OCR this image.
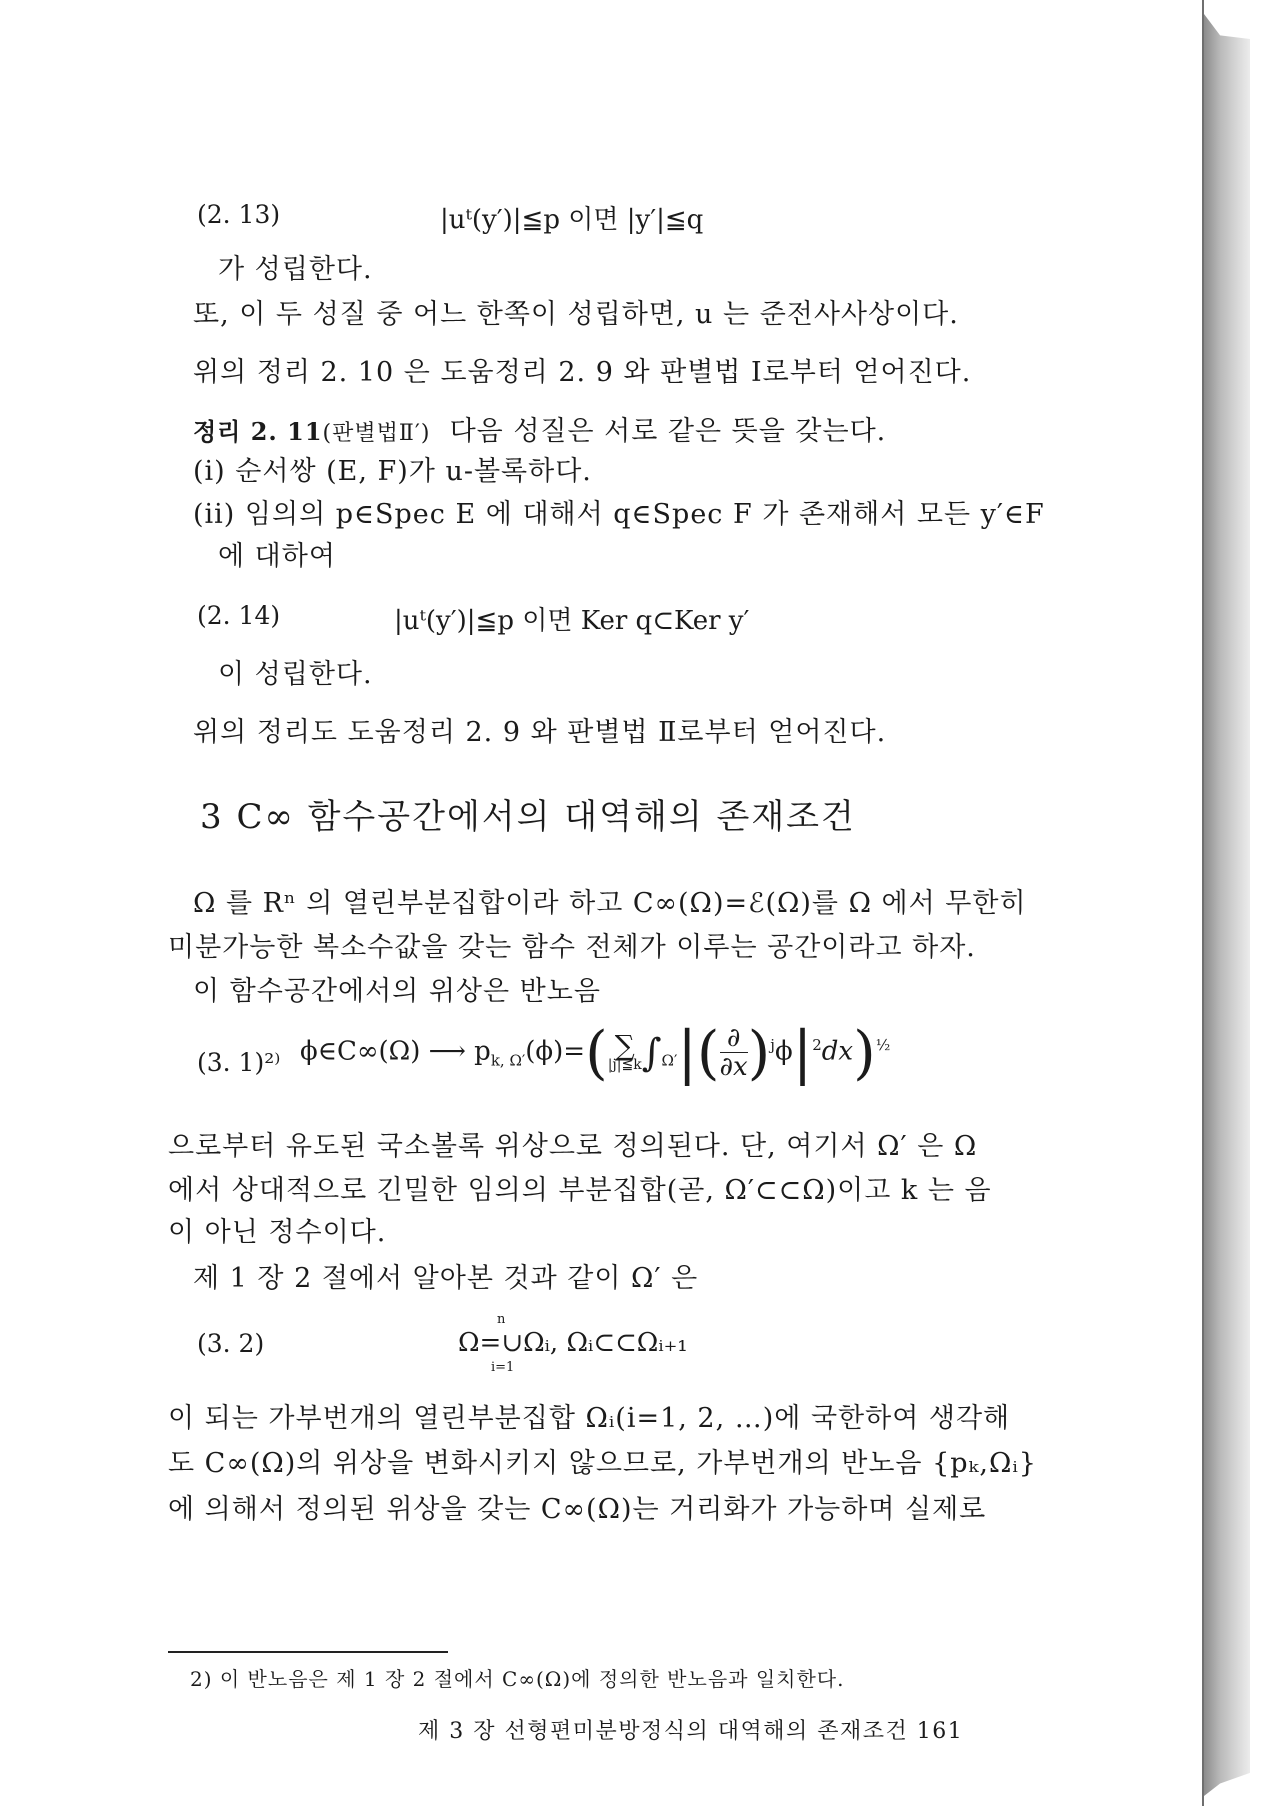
(2. 13)	|uᵗ(y′)|≦p 이면 |y′|≦q
가 성립한다.
또, 이 두 성질 중 어느 한쪽이 성립하면, u 는 준전사사상이다.
위의 정리 2. 10 은 도움정리 2. 9 와 판별법 Ⅰ로부터 얻어진다.
정리 2. 11(판별법Ⅱ′) 다음 성질은 서로 같은 뜻을 갖는다.
(i) 순서쌍 (E, F)가 u-볼록하다.
(ii) 임의의 p∈Spec E 에 대해서 q∈Spec F 가 존재해서 모든 y′∈F
에 대하여
(2. 14)	|uᵗ(y′)|≦p 이면 Ker q⊂Ker y′
이 성립한다.
위의 정리도 도움정리 2. 9 와 판별법 Ⅱ로부터 얻어진다.
3 C∞ 함수공간에서의 대역해의 존재조건
Ω 를 Rⁿ 의 열린부분집합이라 하고 C∞(Ω)=ℰ(Ω)를 Ω 에서 무한히
미분가능한 복소수값을 갖는 함수 전체가 이루는 공간이라고 하자.
이 함수공간에서의 위상은 반노음
(3. 1)²⁾ ϕ∈C∞(Ω) ⟶ $p_{k, \Omega'}(\phi)=$( ∑
|j|≦k $\int_{\Omega'}|( \frac{\partial}{\partial x} )^j\phi|^2dx)^{\frac{1}{2}}$
으로부터 유도된 국소볼록 위상으로 정의된다. 단, 여기서 Ω′ 은 Ω
에서 상대적으로 긴밀한 임의의 부분집합(곧, Ω′⊂⊂Ω)이고 k 는 음
이 아닌 정수이다.
제 1 장 2 절에서 알아본 것과 같이 Ω′ 은
(3. 2)	Ω=∪Ωᵢ, Ωᵢ⊂⊂Ωᵢ₊₁
n
i=1
이 되는 가부번개의 열린부분집합 Ωᵢ(i=1, 2, …)에 국한하여 생각해
도 C∞(Ω)의 위상을 변화시키지 않으므로, 가부번개의 반노음 {pₖ,Ωᵢ}
에 의해서 정의된 위상을 갖는 C∞(Ω)는 거리화가 가능하며 실제로
2) 이 반노음은 제 1 장 2 절에서 C∞(Ω)에 정의한 반노음과 일치한다.
제 3 장 선형편미분방정식의 대역해의 존재조건 161
